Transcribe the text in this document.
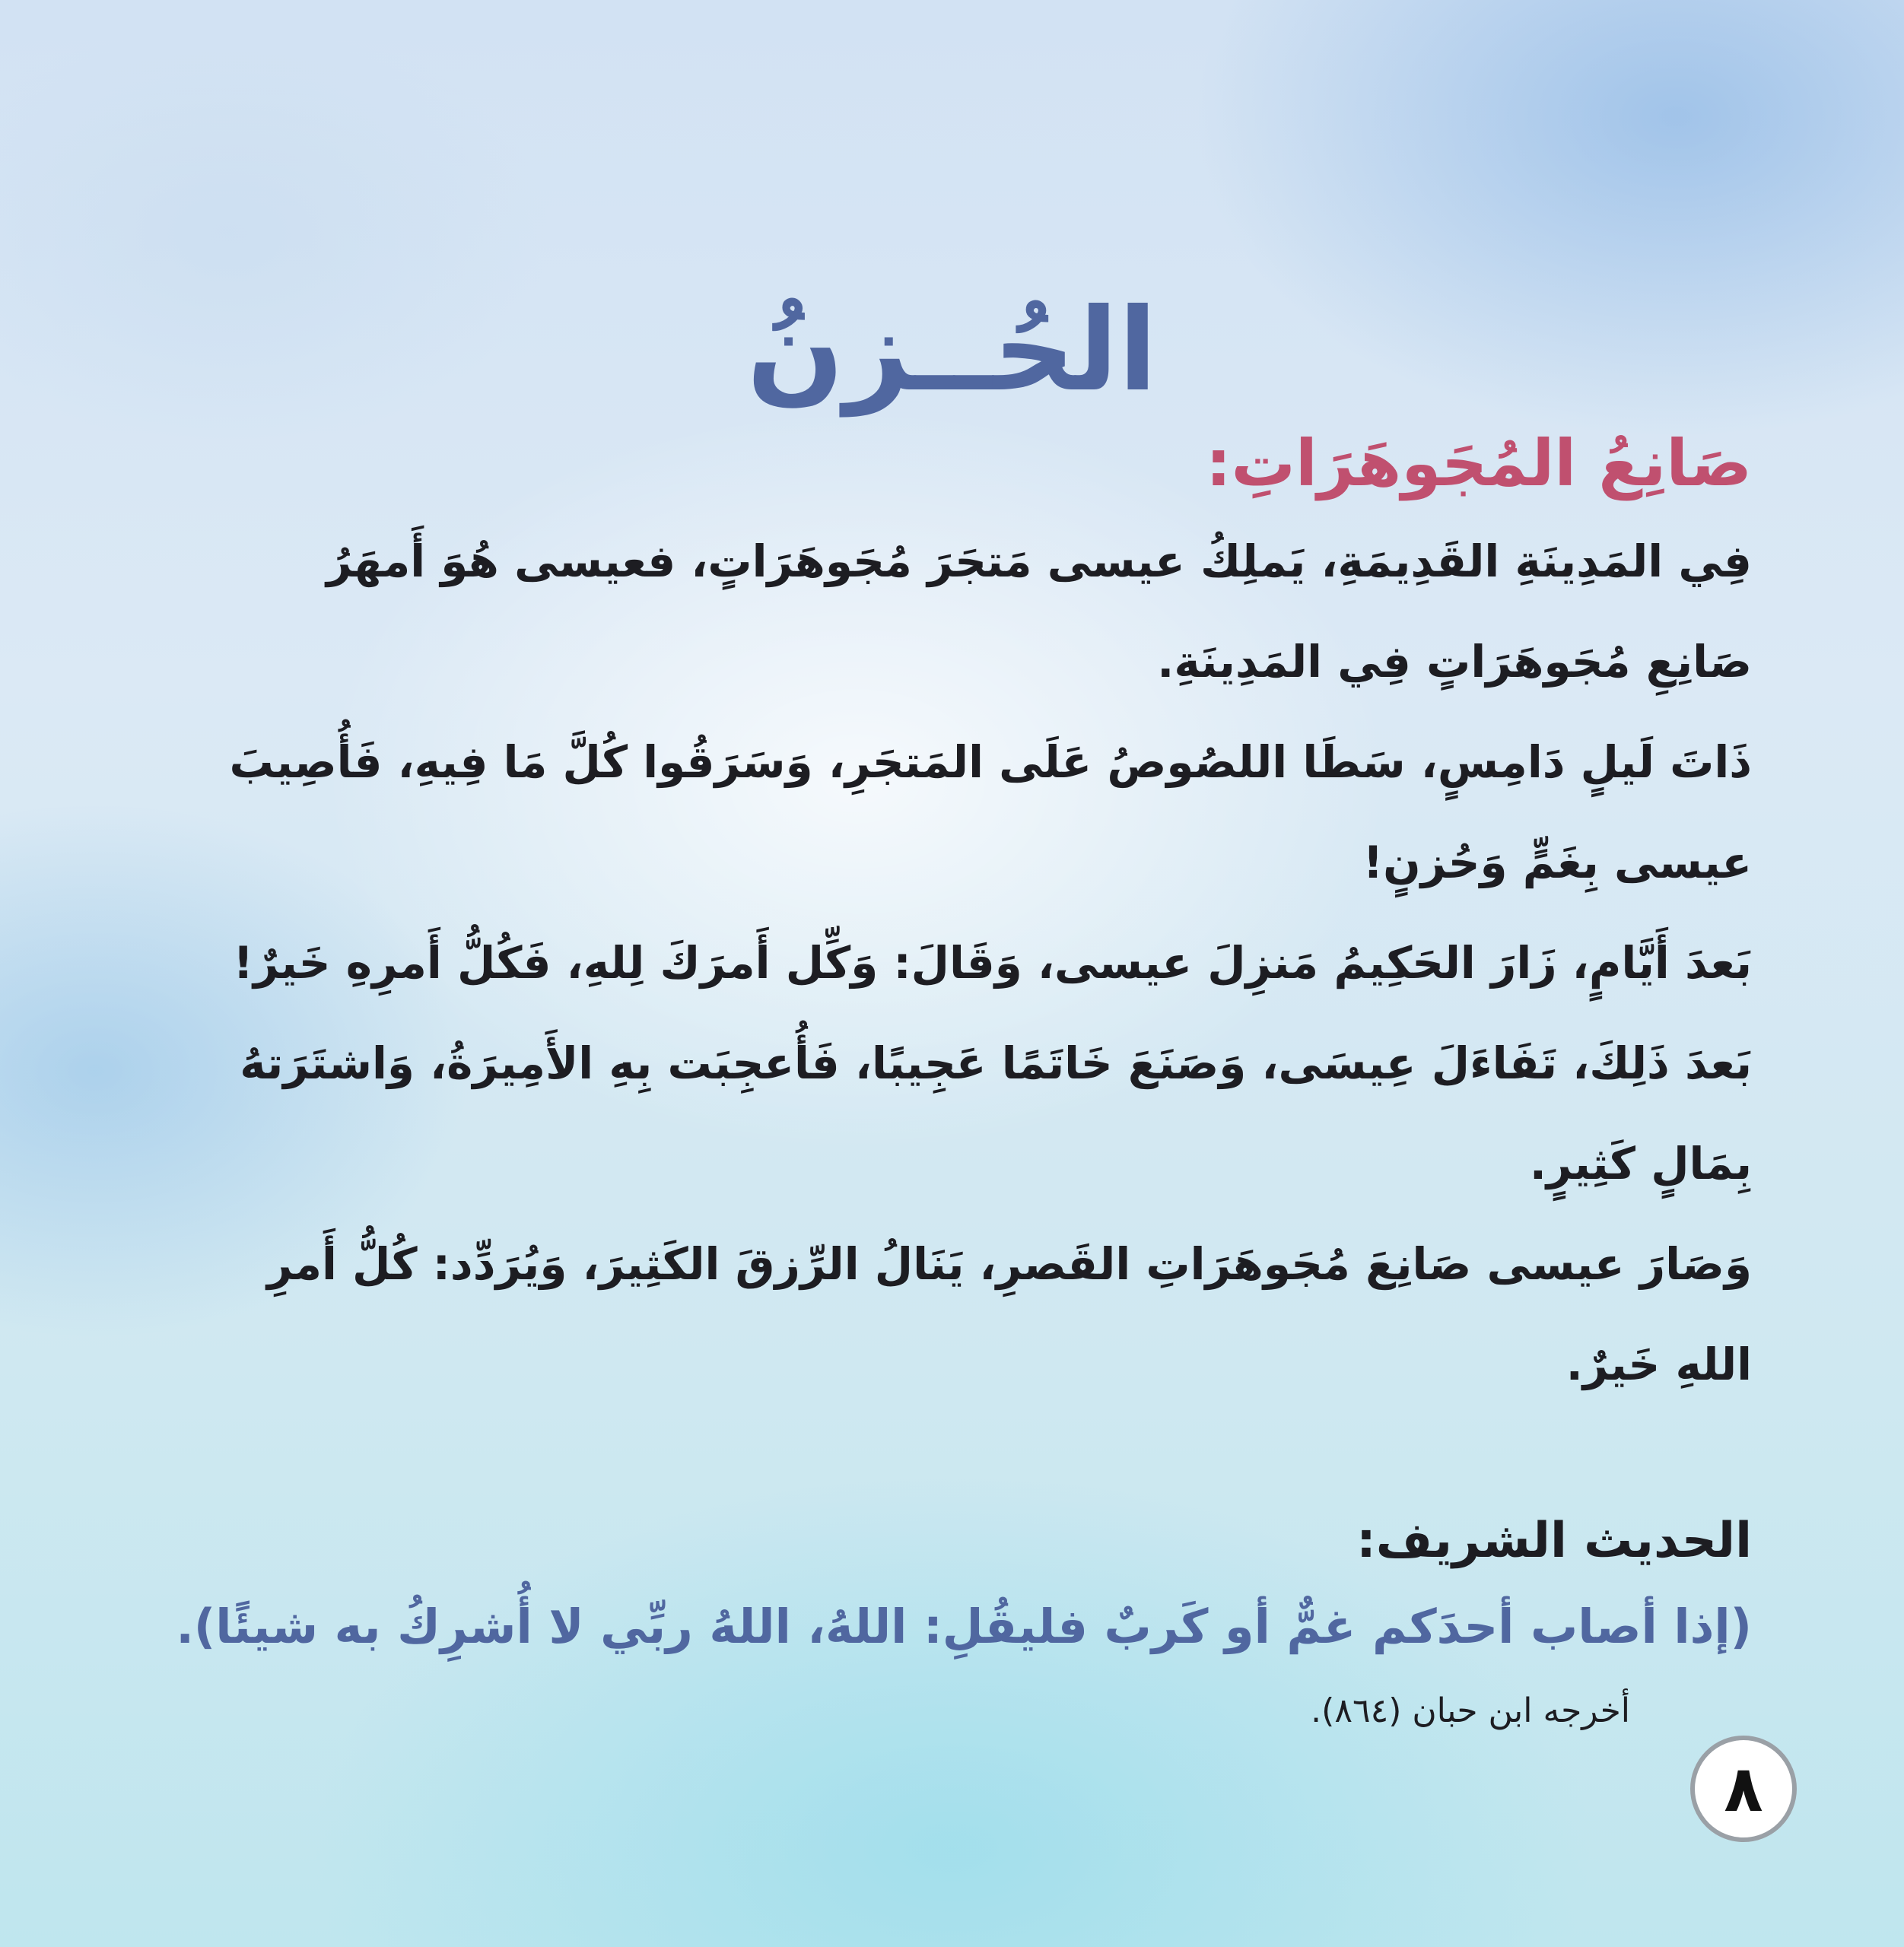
الحُــزنُ
صَانِعُ المُجَوهَرَاتِ:

فِي المَدِينَةِ القَدِيمَةِ، يَملِكُ عيسى مَتجَرَ مُجَوهَرَاتٍ، فعيسى هُوَ أَمهَرُ
صَانِعِ مُجَوهَرَاتٍ فِي المَدِينَةِ.

ذَاتَ لَيلٍ دَامِسٍ، سَطَا اللصُوصُ عَلَى المَتجَرِ، وَسَرَقُوا كُلَّ مَا فِيهِ، فَأُصِيبَ
عيسى بِغَمٍّ وَحُزنٍ!

بَعدَ أَيَّامٍ، زَارَ الحَكِيمُ مَنزِلَ عيسى، وَقَالَ: وَكِّل أَمرَكَ لِلهِ، فَكُلُّ أَمرِهِ خَيرٌ!

بَعدَ ذَلِكَ، تَفَاءَلَ عِيسَى، وَصَنَعَ خَاتَمًا عَجِيبًا، فَأُعجِبَت بِهِ الأَمِيرَةُ، وَاشتَرَتهُ
بِمَالٍ كَثِيرٍ.

وَصَارَ عيسى صَانِعَ مُجَوهَرَاتِ القَصرِ، يَنَالُ الرِّزقَ الكَثِيرَ، وَيُرَدِّد: كُلُّ أَمرِ
اللهِ خَيرٌ.

الحديث الشريف:

(إذا أصاب أحدَكم غمٌّ أو كَربٌ فليقُلِ: اللهُ، اللهُ ربِّي لا أُشرِكُ به شيئًا).

أخرجه ابن حبان (٨٦٤).

٨
